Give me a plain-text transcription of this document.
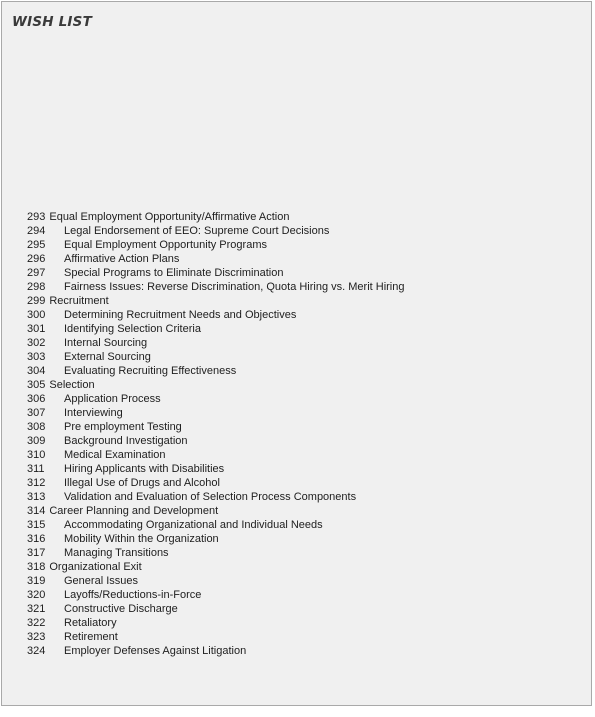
WISH LIST
293 Equal Employment Opportunity/Affirmative Action
294 Legal Endorsement of EEO: Supreme Court Decisions
295 Equal Employment Opportunity Programs
296 Affirmative Action Plans
297 Special Programs to Eliminate Discrimination
298 Fairness Issues: Reverse Discrimination, Quota Hiring vs. Merit Hiring
299 Recruitment
300 Determining Recruitment Needs and Objectives
301 Identifying Selection Criteria
302 Internal Sourcing
303 External Sourcing
304 Evaluating Recruiting Effectiveness
305 Selection
306 Application Process
307 Interviewing
308 Pre employment Testing
309 Background Investigation
310 Medical Examination
311 Hiring Applicants with Disabilities
312 Illegal Use of Drugs and Alcohol
313 Validation and Evaluation of Selection Process Components
314 Career Planning and Development
315 Accommodating Organizational and Individual Needs
316 Mobility Within the Organization
317 Managing Transitions
318 Organizational Exit
319 General Issues
320 Layoffs/Reductions-in-Force
321 Constructive Discharge
322 Retaliatory
323 Retirement
324 Employer Defenses Against Litigation
